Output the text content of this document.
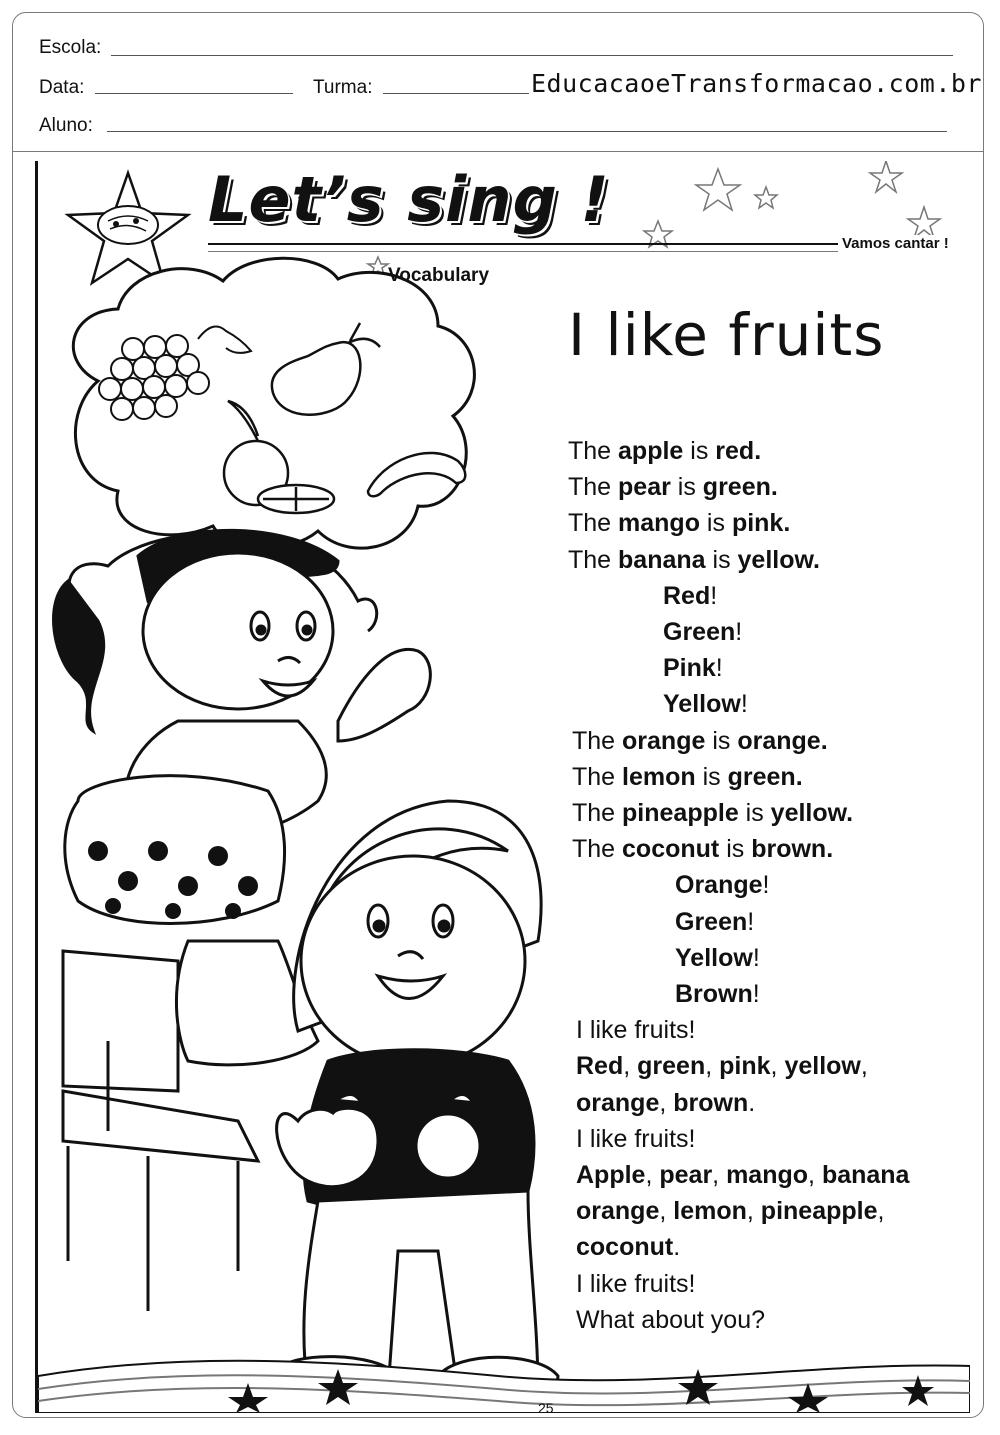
Escola:
Data:	Turma:	EducacaoeTransformacao.com.br
Aluno:
25
Let’s sing !
Vamos cantar !
Vocabulary
I like fruits
The apple is red.
The pear is green.
The mango is pink.
The banana is yellow.
Red!
Green!
Pink!
Yellow!
The orange is orange.
The lemon is green.
The pineapple is yellow.
The coconut is brown.
Orange!
Green!
Yellow!
Brown!
I like fruits!
Red, green, pink, yellow,
orange, brown.
I like fruits!
Apple, pear, mango, banana
orange, lemon, pineapple,
coconut.
I like fruits!
What about you?
